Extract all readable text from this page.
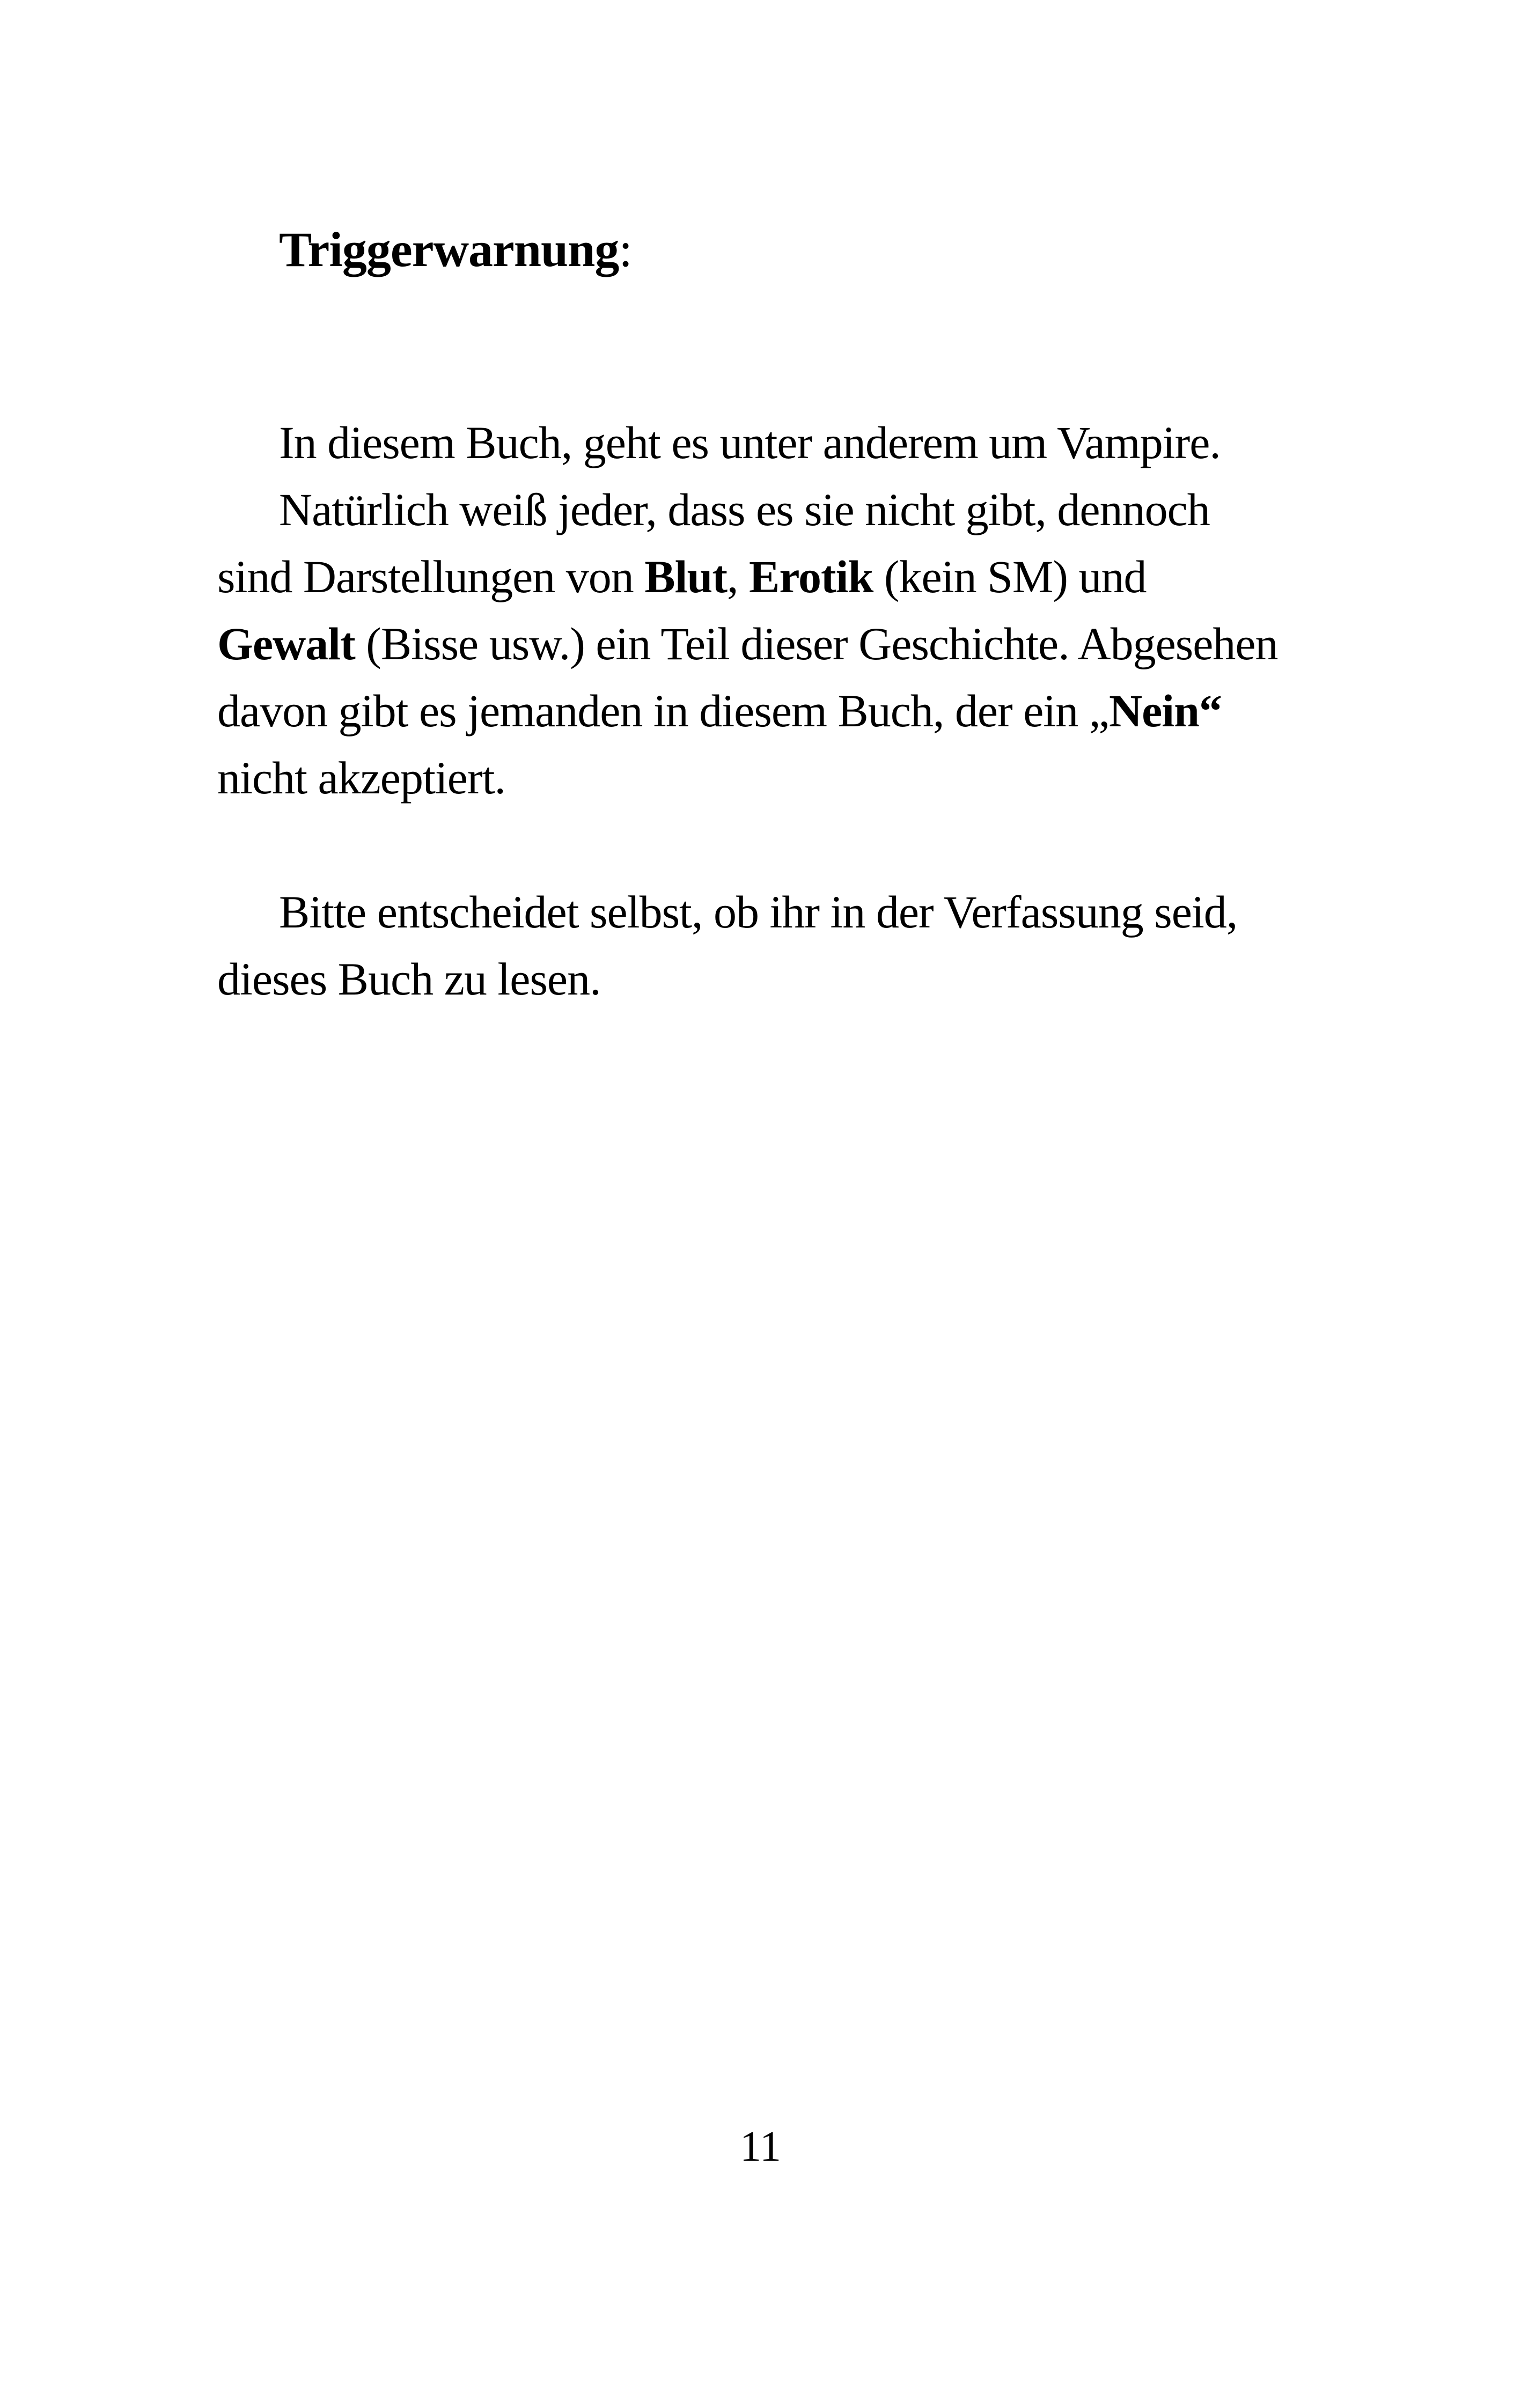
Triggerwarnung:
In diesem Buch, geht es unter anderem um Vampire.
Natürlich weiß jeder, dass es sie nicht gibt, dennoch
sind Darstellungen von Blut, Erotik (kein SM) und
Gewalt (Bisse usw.) ein Teil dieser Geschichte. Abgesehen
davon gibt es jemanden in diesem Buch, der ein „Nein“
nicht akzeptiert.
Bitte entscheidet selbst, ob ihr in der Verfassung seid,
dieses Buch zu lesen.
11
